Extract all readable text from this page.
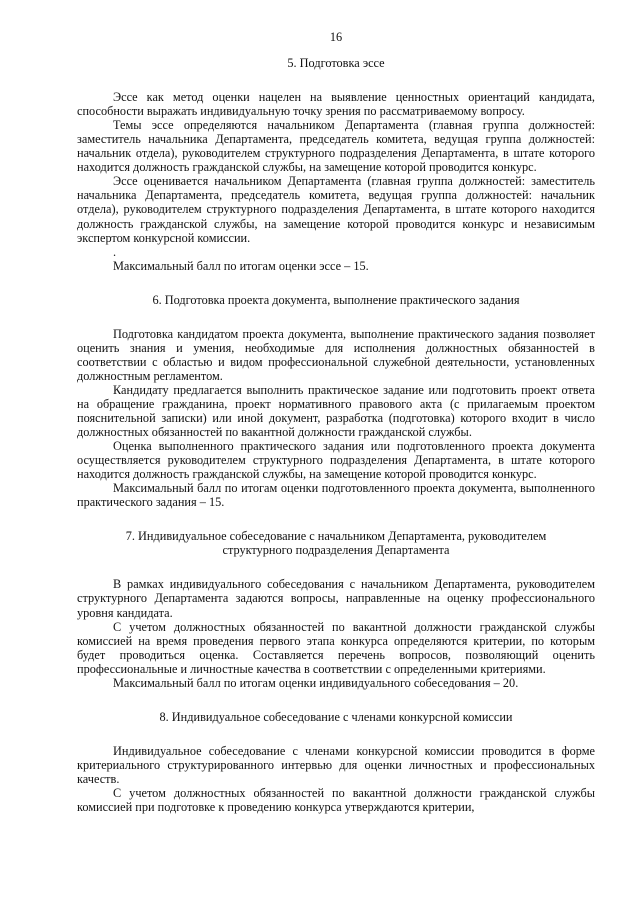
16
5. Подготовка эссе

Эссе как метод оценки нацелен на выявление ценностных ориентаций кандидата, способности выражать индивидуальную точку зрения по рассматриваемому вопросу.

Темы эссе определяются начальником Департамента (главная группа должностей: заместитель начальника Департамента, председатель комитета, ведущая группа должностей: начальник отдела), руководителем структурного подразделения Департамента, в штате которого находится должность гражданской службы, на замещение которой проводится конкурс.

Эссе оценивается начальником Департамента (главная группа должностей: заместитель начальника Департамента, председатель комитета, ведущая группа должностей: начальник отдела), руководителем структурного подразделения Департамента, в штате которого находится должность гражданской службы, на замещение которой проводится конкурс и независимым экспертом конкурсной комиссии.

.

Максимальный балл по итогам оценки эссе – 15.

6. Подготовка проекта документа, выполнение практического задания

Подготовка кандидатом проекта документа, выполнение практического задания позволяет оценить знания и умения, необходимые для исполнения должностных обязанностей в соответствии с областью и видом профессиональной служебной деятельности, установленных должностным регламентом.

Кандидату предлагается выполнить практическое задание или подготовить проект ответа на обращение гражданина, проект нормативного правового акта (с прилагаемым проектом пояснительной записки) или иной документ, разработка (подготовка) которого входит в число должностных обязанностей по вакантной должности гражданской службы.

Оценка выполненного практического задания или подготовленного проекта документа осуществляется руководителем структурного подразделения Департамента, в штате которого находится должность гражданской службы, на замещение которой проводится конкурс.

Максимальный балл по итогам оценки подготовленного проекта документа, выполненного практического задания – 15.

7. Индивидуальное собеседование с начальником Департамента, руководителем
структурного подразделения Департамента

В рамках индивидуального собеседования с начальником Департамента, руководителем структурного Департамента задаются вопросы, направленные на оценку профессионального уровня кандидата.

С учетом должностных обязанностей по вакантной должности гражданской службы комиссией на время проведения первого этапа конкурса определяются критерии, по которым будет проводиться оценка. Составляется перечень вопросов, позволяющий оценить профессиональные и личностные качества в соответствии с определенными критериями.

Максимальный балл по итогам оценки индивидуального собеседования – 20.

8. Индивидуальное собеседование с членами конкурсной комиссии

Индивидуальное собеседование с членами конкурсной комиссии проводится в форме критериального структурированного интервью для оценки личностных и профессиональных качеств.

С учетом должностных обязанностей по вакантной должности гражданской службы комиссией при подготовке к проведению конкурса утверждаются критерии,
